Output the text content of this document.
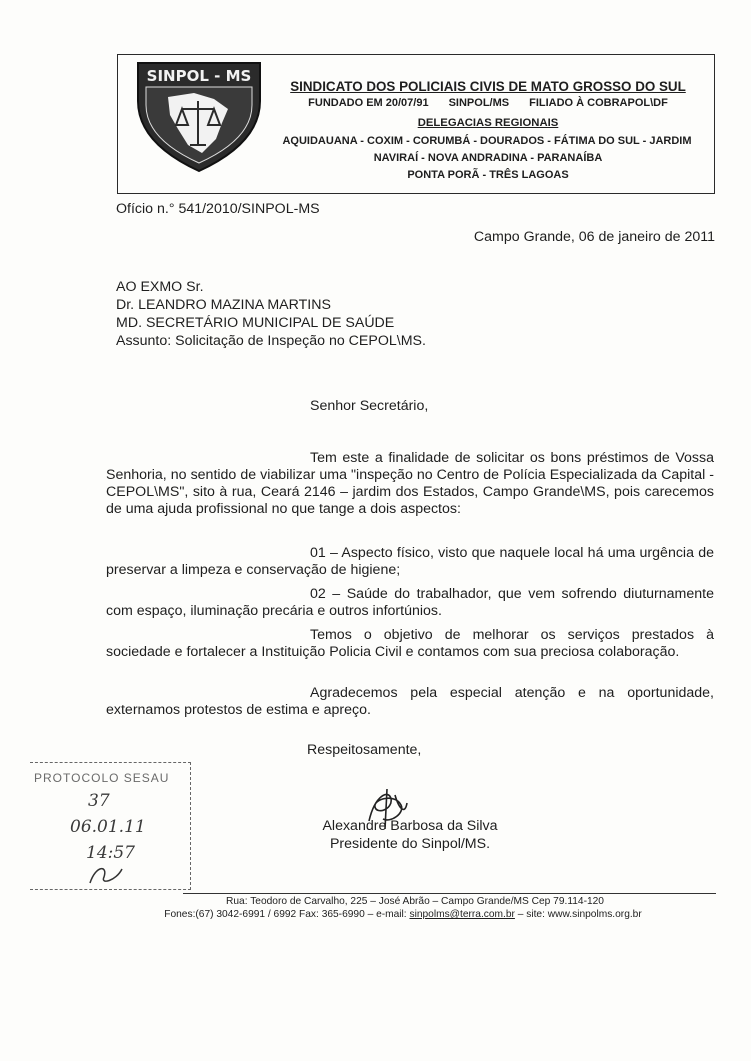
SINPOL - MS
SINDICATO DOS POLICIAIS CIVIS DE MATO GROSSO DO SUL
FUNDADO EM 20/07/91 SINPOL/MS FILIADO À COBRAPOL\DF
DELEGACIAS REGIONAIS
AQUIDAUANA - COXIM - CORUMBÁ - DOURADOS - FÁTIMA DO SUL - JARDIM
NAVIRAÍ - NOVA ANDRADINA - PARANAÍBA
PONTA PORÃ - TRÊS LAGOAS
Ofício n.° 541/2010/SINPOL-MS
Campo Grande, 06 de janeiro de 2011
AO EXMO Sr.
Dr. LEANDRO MAZINA MARTINS
MD. SECRETÁRIO MUNICIPAL DE SAÚDE
Assunto: Solicitação de Inspeção no CEPOL\MS.
Senhor Secretário,

Tem este a finalidade de solicitar os bons préstimos de Vossa Senhoria, no sentido de viabilizar uma "inspeção no Centro de Polícia Especializada da Capital - CEPOL\MS", sito à rua, Ceará 2146 – jardim dos Estados, Campo Grande\MS, pois carecemos de uma ajuda profissional no que tange a dois aspectos:

01 – Aspecto físico, visto que naquele local há uma urgência de preservar a limpeza e conservação de higiene;

02 – Saúde do trabalhador, que vem sofrendo diuturnamente com espaço, iluminação precária e outros infortúnios.

Temos o objetivo de melhorar os serviços prestados à sociedade e fortalecer a Instituição Policia Civil e contamos com sua preciosa colaboração.

Agradecemos pela especial atenção e na oportunidade, externamos protestos de estima e apreço.

Respeitosamente,
Alexandre Barbosa da Silva
Presidente do Sinpol/MS.
PROTOCOLO SESAU
37
06.01.11
14:57
Rua: Teodoro de Carvalho, 225 – José Abrão – Campo Grande/MS Cep 79.114-120
Fones:(67) 3042-6991 / 6992 Fax: 365-6990 – e-mail: sinpolms@terra.com.br – site: www.sinpolms.org.br
